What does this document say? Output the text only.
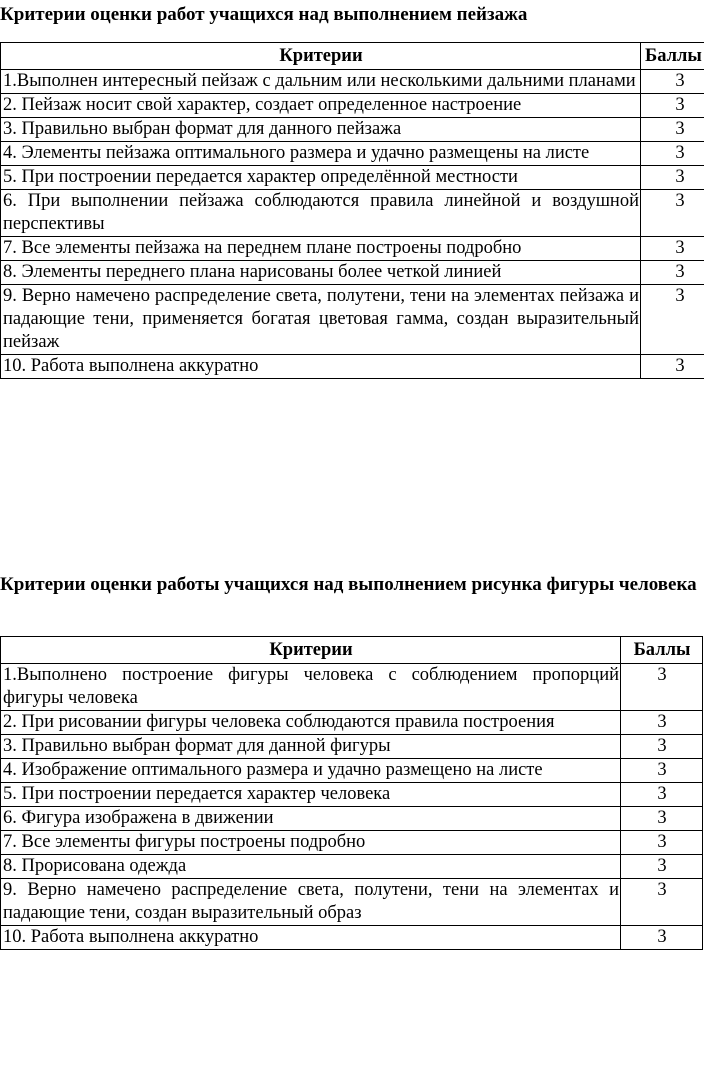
Критерии оценки работ учащихся над выполнением пейзажа
Критерии	Баллы
1.Выполнен интересный пейзаж с дальним или несколькими дальними планами	3
2. Пейзаж носит свой характер, создает определенное настроение	3
3. Правильно выбран формат для данного пейзажа	3
4. Элементы пейзажа оптимального размера и удачно размещены на листе	3
5. При построении передается характер определённой местности	3
6. При выполнении пейзажа соблюдаются правила линейной и воздушной перспективы	3
7. Все элементы пейзажа на переднем плане построены подробно	3
8. Элементы переднего плана нарисованы более четкой линией	3
9. Верно намечено распределение света, полутени, тени на элементах пейзажа и падающие тени, применяется богатая цветовая гамма, создан выразительный пейзаж	3
10. Работа выполнена аккуратно	3
Критерии оценки работы учащихся над выполнением рисунка фигуры человека
Критерии	Баллы
1.Выполнено построение фигуры человека с соблюдением пропорций фигуры человека	3
2. При рисовании фигуры человека соблюдаются правила построения	3
3. Правильно выбран формат для данной фигуры	3
4. Изображение оптимального размера и удачно размещено на листе	3
5. При построении передается характер человека	3
6. Фигура изображена в движении	3
7. Все элементы фигуры построены подробно	3
8. Прорисована одежда	3
9. Верно намечено распределение света, полутени, тени на элементах и падающие тени, создан выразительный образ	3
10. Работа выполнена аккуратно	3
